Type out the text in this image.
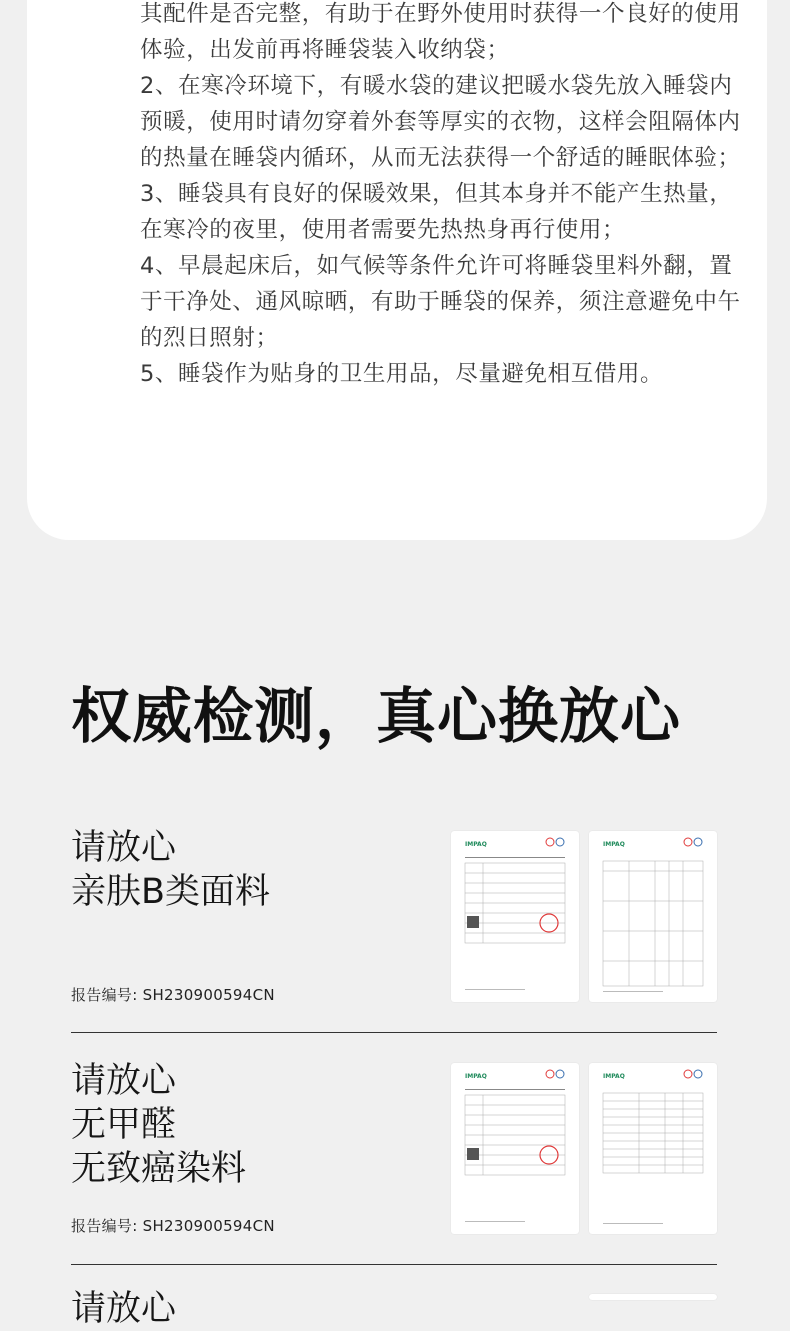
其配件是否完整，有助于在野外使用时获得一个良好的使用体验，出发前再将睡袋装入收纳袋；
2、在寒冷环境下，有暖水袋的建议把暖水袋先放入睡袋内预暖，使用时请勿穿着外套等厚实的衣物，这样会阻隔体内的热量在睡袋内循环，从而无法获得一个舒适的睡眠体验；
3、睡袋具有良好的保暖效果，但其本身并不能产生热量，在寒冷的夜里，使用者需要先热热身再行使用；
4、早晨起床后，如气候等条件允许可将睡袋里料外翻，置于干净处、通风晾晒，有助于睡袋的保养，须注意避免中午的烈日照射；
5、睡袋作为贴身的卫生用品，尽量避免相互借用。
权威检测，真心换放心

请放心

亲肤B类面料

报告编号: SH230900594CN
IMPAQ	IMPAQ

请放心

无甲醛

无致癌染料

报告编号: SH230900594CN
IMPAQ	IMPAQ

请放心
